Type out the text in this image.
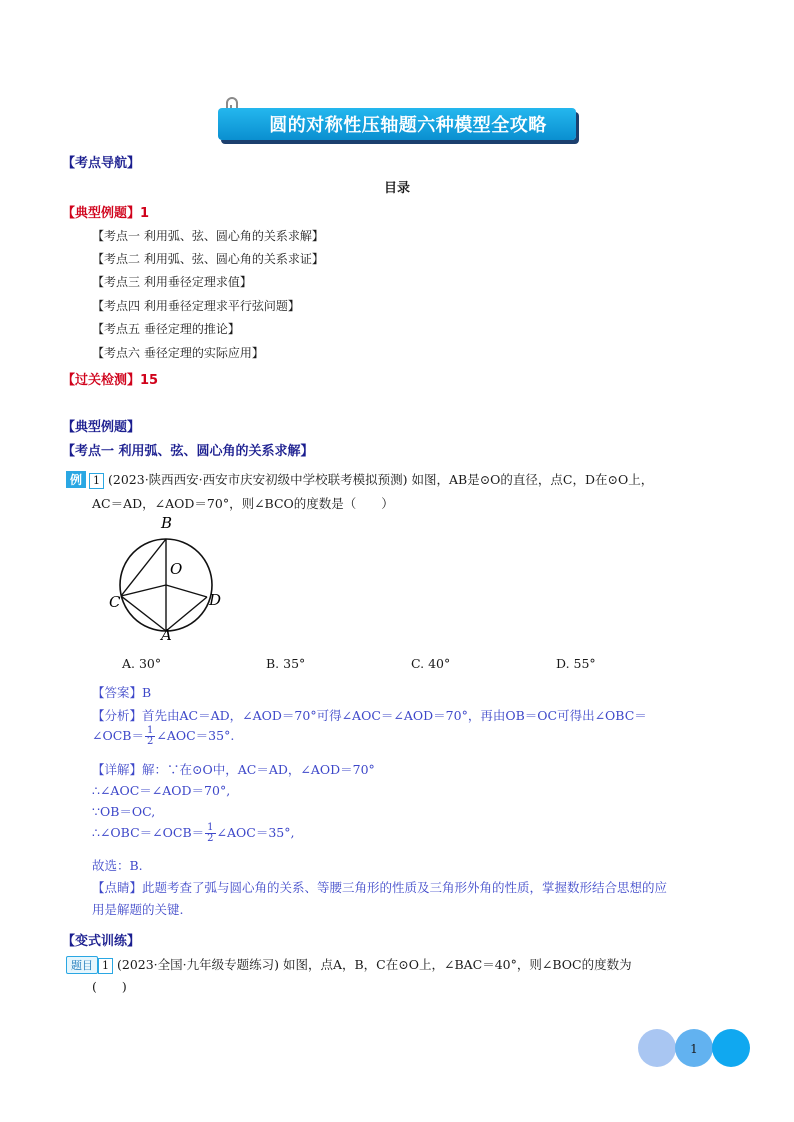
圆的对称性压轴题六种模型全攻略
【考点导航】
目录
【典型例题】1
【考点一 利用弧、弦、圆心角的关系求解】
【考点二 利用弧、弦、圆心角的关系求证】
【考点三 利用垂径定理求值】
【考点四 利用垂径定理求平行弦问题】
【考点五 垂径定理的推论】
【考点六 垂径定理的实际应用】
【过关检测】15
【典型例题】
【考点一 利用弧、弦、圆心角的关系求解】
例 1 (2023·陕西西安·西安市庆安初级中学校联考模拟预测) 如图，AB是⊙O的直径，点C，D在⊙O上，
AC＝AD，∠AOD＝70°，则∠BCO的度数是（　　）
B
O
C	D
A
A. 30°	B. 35°	C. 40°	D. 55°
【答案】B
【分析】首先由AC＝AD，∠AOD＝70°可得∠AOC＝∠AOD＝70°，再由OB＝OC可得出∠OBC＝
∠OCB＝ $\frac{1}{2}$ ∠AOC＝35°.
【详解】解：∵在⊙O中，AC＝AD，∠AOD＝70°
∴∠AOC＝∠AOD＝70°,
∵OB＝OC,
∴∠OBC＝∠OCB＝ $\frac{1}{2}$ ∠AOC＝35°,
故选：B.
【点睛】此题考查了弧与圆心角的关系、等腰三角形的性质及三角形外角的性质，掌握数形结合思想的应
用是解题的关键.
【变式训练】
题目 1 (2023·全国·九年级专题练习) 如图，点A，B，C在⊙O上，∠BAC＝40°，则∠BOC的度数为
(　　)
1
